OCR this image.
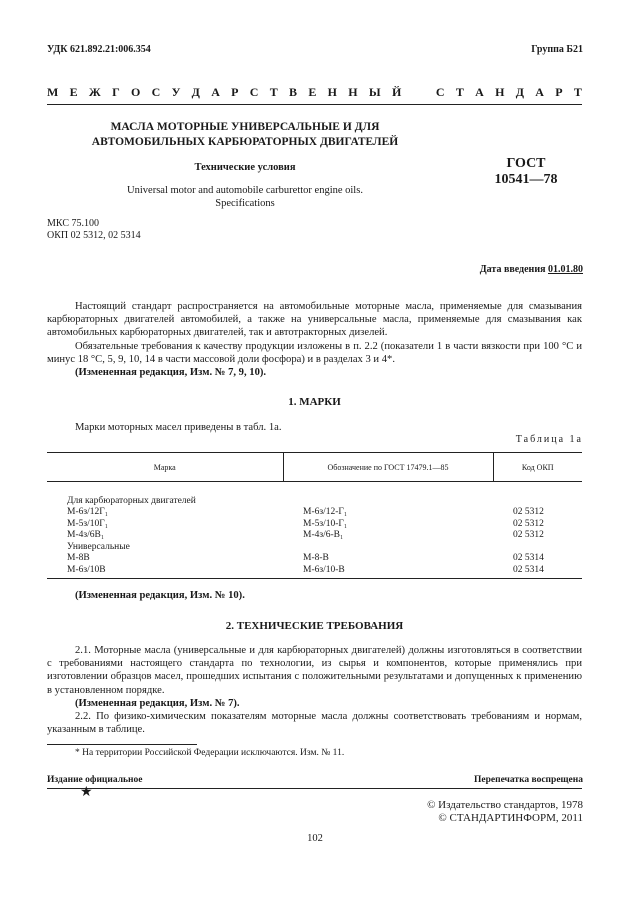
УДК 621.892.21:006.354	Группа Б21
М Е Ж Г О С У Д А Р С Т В Е Н Н Ы Й	С Т А Н Д А Р Т
МАСЛА МОТОРНЫЕ УНИВЕРСАЛЬНЫЕ И ДЛЯ
АВТОМОБИЛЬНЫХ КАРБЮРАТОРНЫХ ДВИГАТЕЛЕЙ
Технические условия
Universal motor and automobile carburettor engine oils.
Specifications
ГОСТ
10541—78
МКС 75.100
ОКП 02 5312, 02 5314
Дата введения 01.01.80

Настоящий стандарт распространяется на автомобильные моторные масла, применяемые для смазывания карбюраторных двигателей автомобилей, а также на универсальные масла, применяемые для смазывания как автомобильных карбюраторных двигателей, так и автотракторных дизелей.

Обязательные требования к качеству продукции изложены в п. 2.2 (показатели 1 в части вязкости при 100 °С и минус 18 °С, 5, 9, 10, 14 в части массовой доли фосфора) и в разделах 3 и 4*.

(Измененная редакция, Изм. № 7, 9, 10).

1. МАРКИ

Марки моторных масел приведены в табл. 1а.

Таблица 1а
Марка	Обозначение по ГОСТ 17479.1—85	Код ОКП

Для карбюраторных двигателей		
М-6з/12Г₁	М-6з/12-Г₁	02 5312
М-5з/10Г₁	М-5з/10-Г₁	02 5312
М-4з/6В₁	М-4з/6-В₁	02 5312
Универсальные		
М-8В	М-8-В	02 5314
М-6з/10В	М-6з/10-В	02 5314
(Измененная редакция, Изм. № 10).
2. ТЕХНИЧЕСКИЕ ТРЕБОВАНИЯ

2.1. Моторные масла (универсальные и для карбюраторных двигателей) должны изготовляться в соответствии с требованиями настоящего стандарта по технологии, из сырья и компонентов, которые применялись при изготовлении образцов масел, прошедших испытания с положительными результатами и допущенных к применению в установленном порядке.

(Измененная редакция, Изм. № 7).

2.2. По физико-химическим показателям моторные масла должны соответствовать требованиям и нормам, указанным в таблице.

* На территории Российской Федерации исключаются. Изм. № 11.
Издание официальное	Перепечатка воспрещена
★
© Издательство стандартов, 1978
© СТАНДАРТИНФОРМ, 2011
102
